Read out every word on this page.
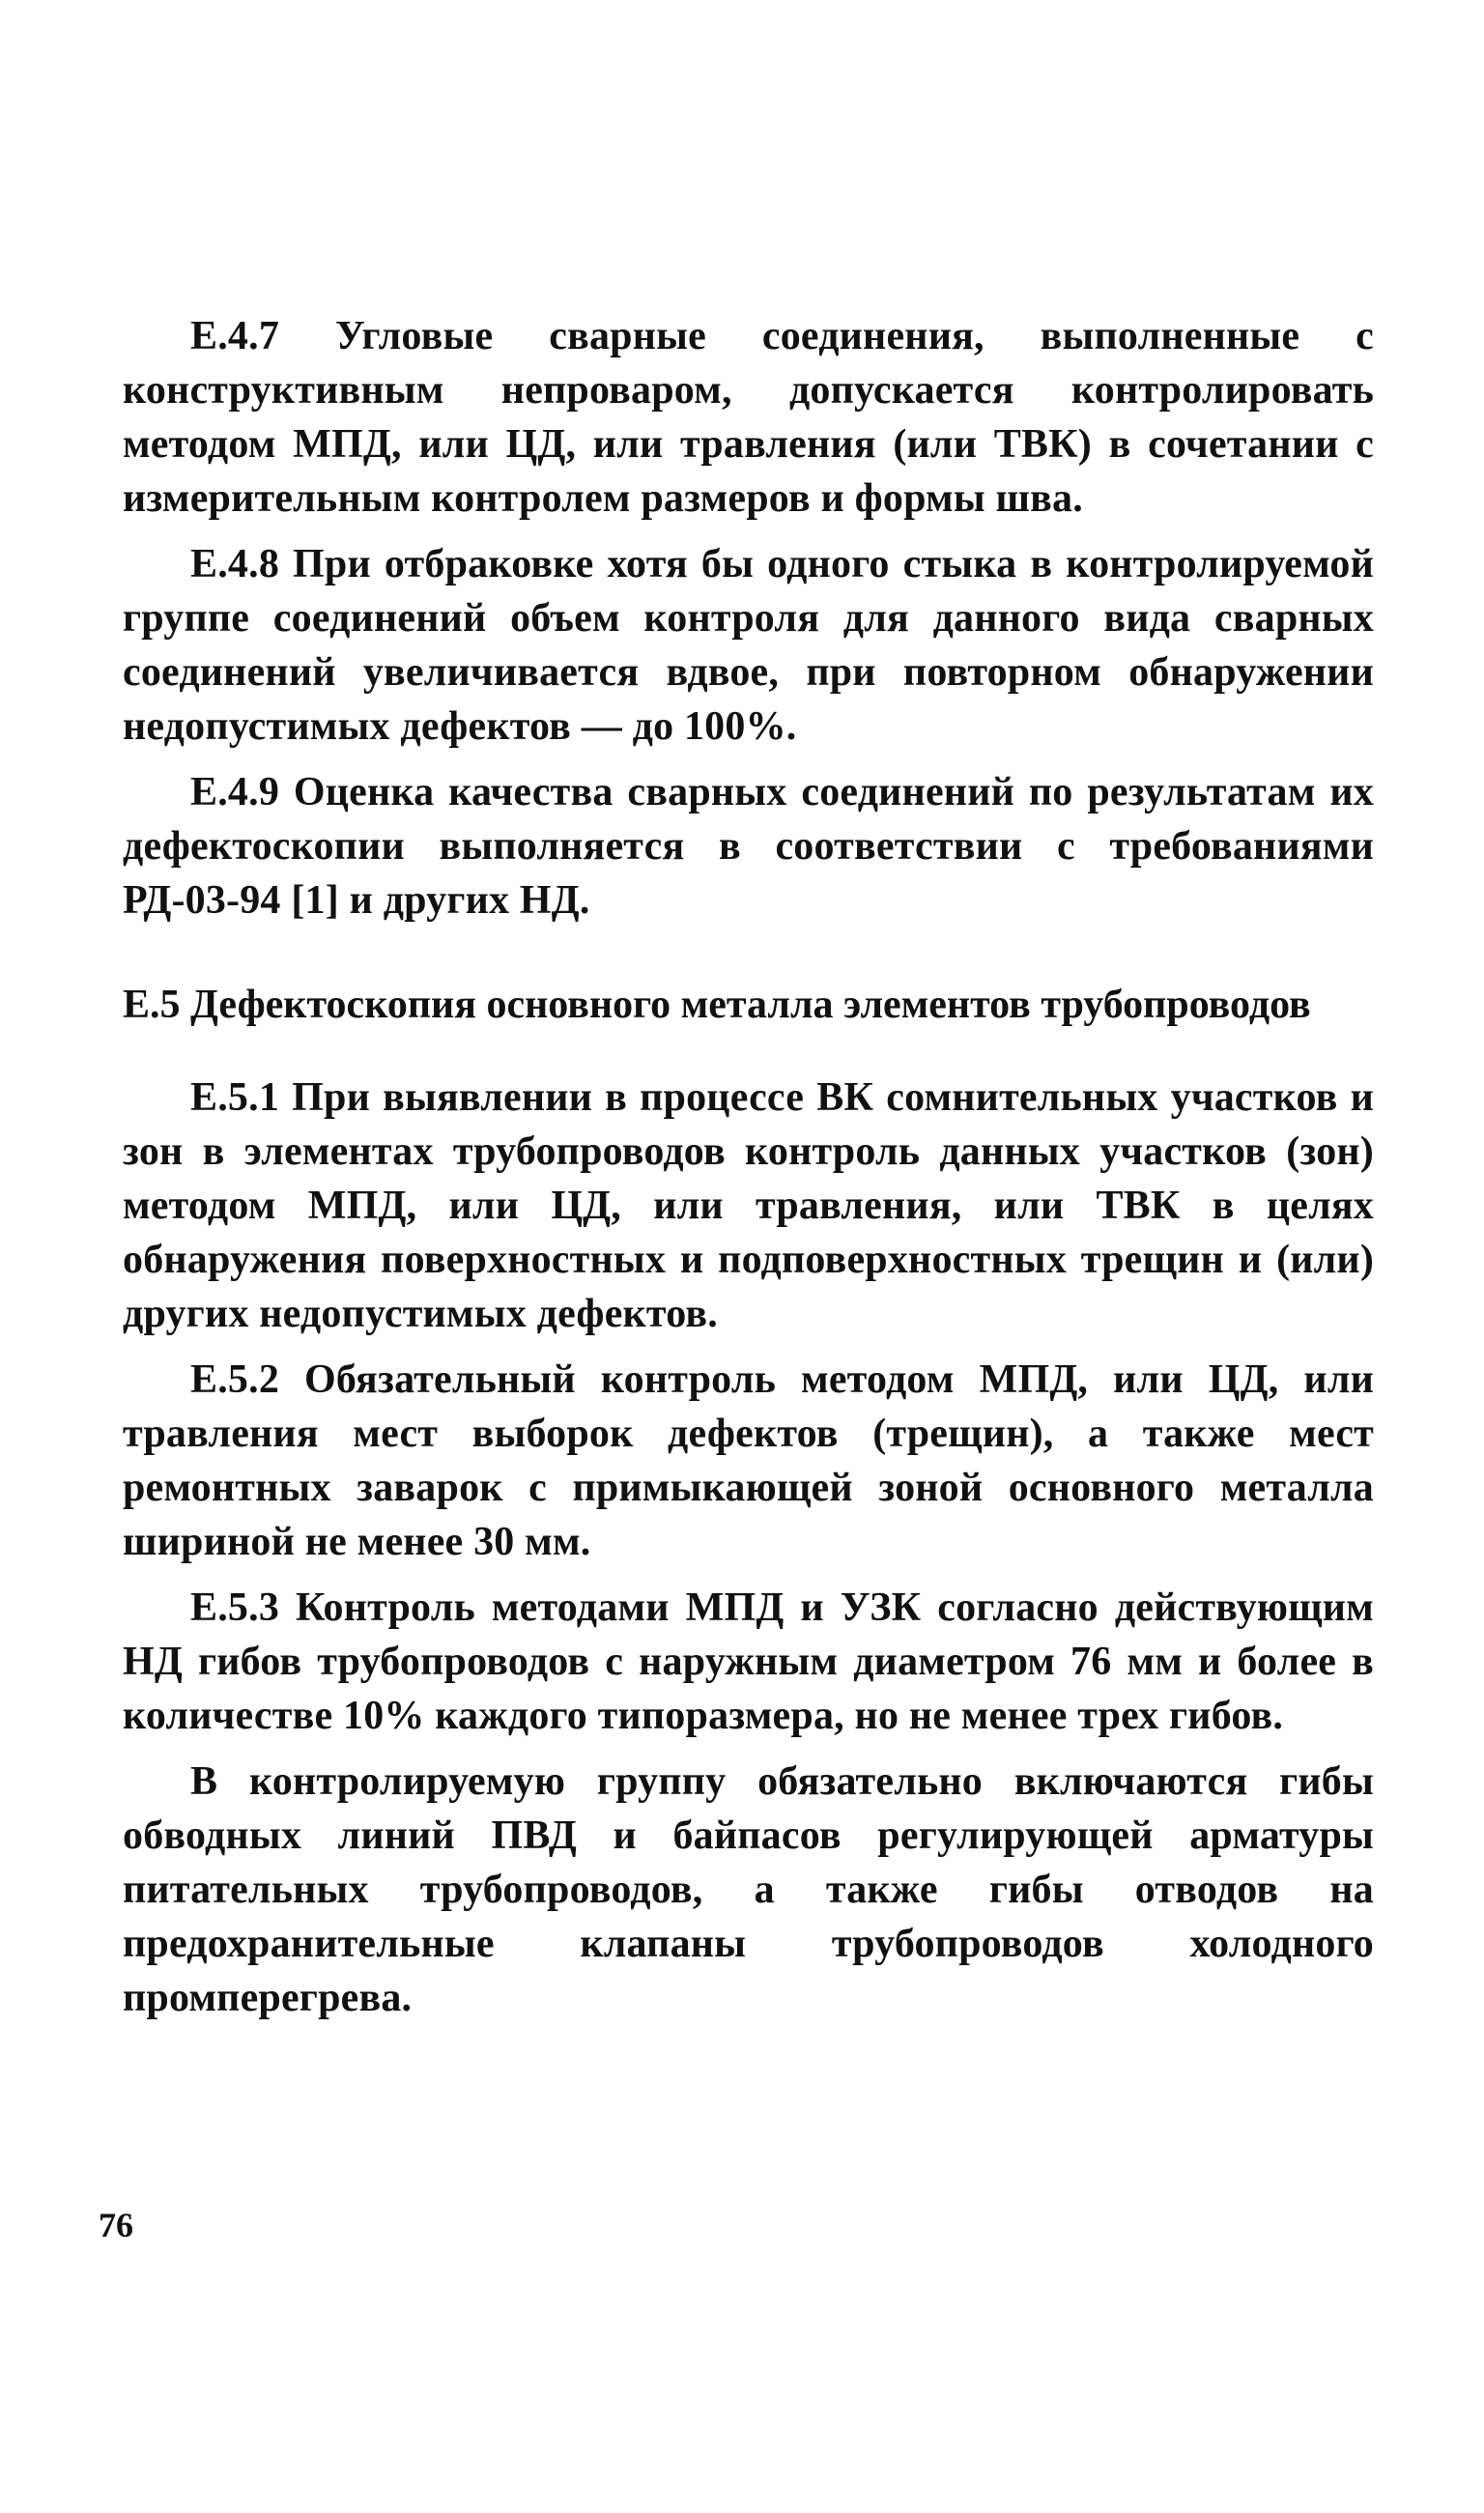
Е.4.7 Угловые сварные соединения, выполненные с конструктивным непроваром, допускается контролировать методом МПД, или ЦД, или травления (или ТВК) в сочетании с измерительным контролем размеров и формы шва.

Е.4.8 При отбраковке хотя бы одного стыка в контролируемой группе соединений объем контроля для данного вида сварных соединений увеличивается вдвое, при повторном обнаружении недопустимых дефектов — до 100%.

Е.4.9 Оценка качества сварных соединений по результатам их дефектоскопии выполняется в соответствии с требованиями РД-03-94 [1] и других НД.

Е.5 Дефектоскопия основного металла элементов трубопроводов

Е.5.1 При выявлении в процессе ВК сомнительных участков и зон в элементах трубопроводов контроль данных участков (зон) методом МПД, или ЦД, или травления, или ТВК в целях обнаружения поверхностных и подповерхностных трещин и (или) других недопустимых дефектов.

Е.5.2 Обязательный контроль методом МПД, или ЦД, или травления мест выборок дефектов (трещин), а также мест ремонтных заварок с примыкающей зоной основного металла шириной не менее 30 мм.

Е.5.3 Контроль методами МПД и УЗК согласно действующим НД гибов трубопроводов с наружным диаметром 76 мм и более в количестве 10% каждого типоразмера, но не менее трех гибов.

В контролируемую группу обязательно включаются гибы обводных линий ПВД и байпасов регулирующей арматуры питательных трубопроводов, а также гибы отводов на предохранительные клапаны трубопроводов холодного промперегрева.

76
